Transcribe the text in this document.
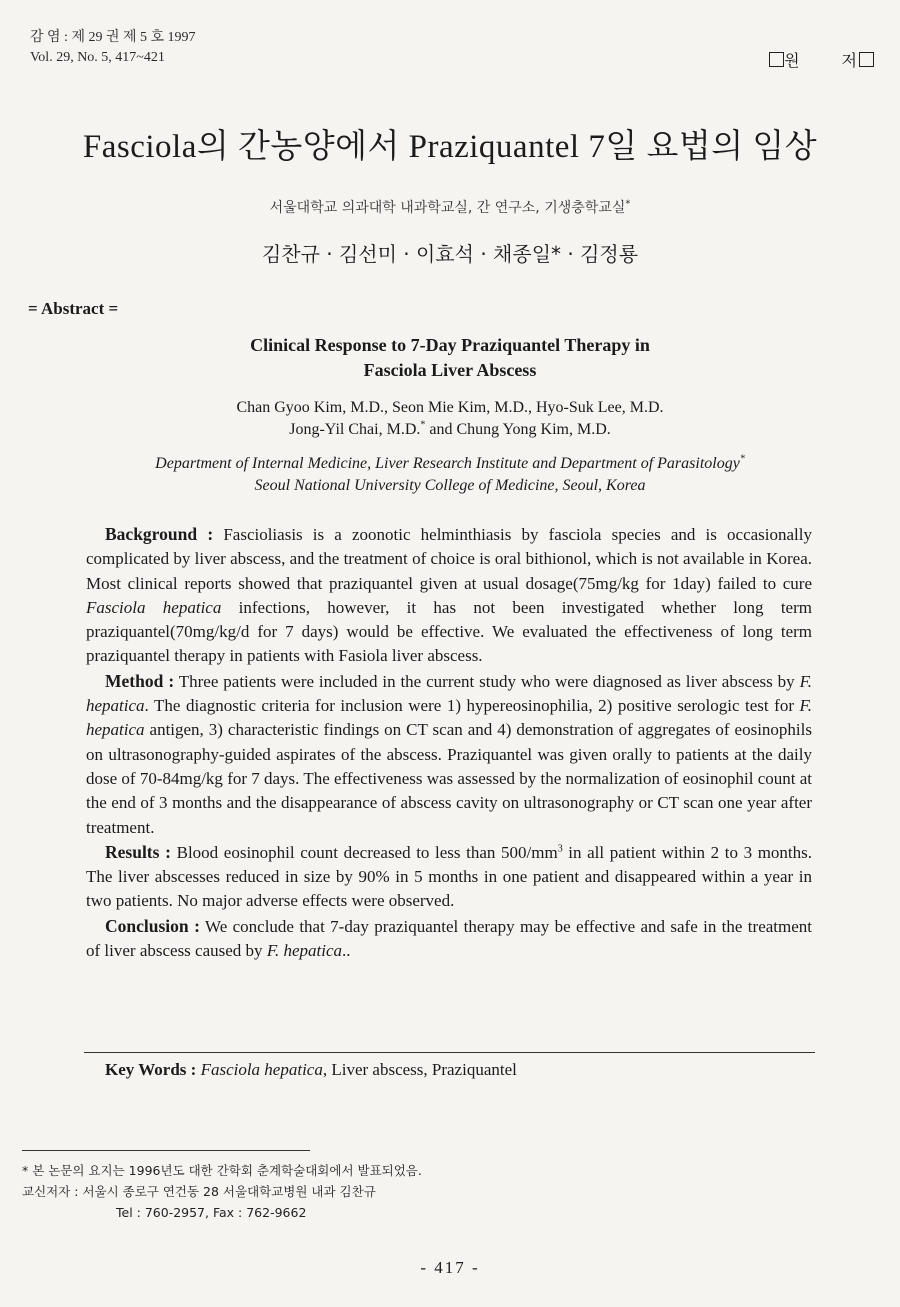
감 염 : 제 29 권 제 5 호 1997
Vol. 29, No. 5, 417~421	원	저
Fasciola의 간농양에서 Praziquantel 7일 요법의 임상
서울대학교 의과대학 내과학교실, 간 연구소, 기생충학교실*
김찬규 · 김선미 · 이효석 · 채종일* · 김정룡
= Abstract =
Clinical Response to 7-Day Praziquantel Therapy in
Fasciola Liver Abscess
Chan Gyoo Kim, M.D., Seon Mie Kim, M.D., Hyo-Suk Lee, M.D.
Jong-Yil Chai, M.D.* and Chung Yong Kim, M.D.
Department of Internal Medicine, Liver Research Institute and Department of Parasitology*
Seoul National University College of Medicine, Seoul, Korea

Background : Fascioliasis is a zoonotic helminthiasis by fasciola species and is occasionally complicated by liver abscess, and the treatment of choice is oral bithionol, which is not available in Korea. Most clinical reports showed that praziquantel given at usual dosage(75mg/kg for 1day) failed to cure Fasciola hepatica infections, however, it has not been investigated whether long term praziquantel(70mg/kg/d for 7 days) would be effective. We evaluated the effectiveness of long term praziquantel therapy in patients with Fasiola liver abscess.

Method : Three patients were included in the current study who were diagnosed as liver abscess by F. hepatica. The diagnostic criteria for inclusion were 1) hypereosinophilia, 2) positive serologic test for F. hepatica antigen, 3) characteristic findings on CT scan and 4) demonstration of aggregates of eosinophils on ultrasonography-guided aspirates of the abscess. Praziquantel was given orally to patients at the daily dose of 70-84mg/kg for 7 days. The effectiveness was assessed by the normalization of eosinophil count at the end of 3 months and the disappearance of abscess cavity on ultrasonography or CT scan one year after treatment.

Results : Blood eosinophil count decreased to less than $500/mm^3$ in all patient within 2 to 3 months. The liver abscesses reduced in size by 90% in 5 months in one patient and disappeared within a year in two patients. No major adverse effects were observed.

Conclusion : We conclude that 7-day praziquantel therapy may be effective and safe in the treatment of liver abscess caused by F. hepatica..

Key Words : Fasciola hepatica, Liver abscess, Praziquantel
* 본 논문의 요지는 1996년도 대한 간학회 춘계학술대회에서 발표되었음.
교신저자 : 서울시 종로구 연건동 28 서울대학교병원 내과 김찬규
Tel : 760-2957, Fax : 762-9662
- 417 -
